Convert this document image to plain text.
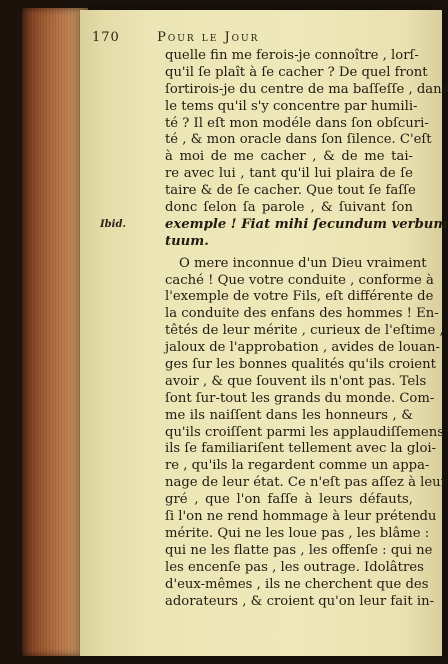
170	Pour le Jour
Ibid.
quelle fin me ferois-je connoître , lorſ-
qu'il ſe plaît à ſe cacher ? De quel front
ſortirois-je du centre de ma baſſeſſe , dans
le tems qu'il s'y concentre par humili-
té ? Il eſt mon modéle dans ſon obſcuri-
té , & mon oracle dans ſon ſilence. C'eſt
à moi de me cacher , & de me tai-
re avec lui , tant qu'il lui plaira de ſe
taire & de ſe cacher. Que tout ſe faſſe
donc ſelon ſa parole , & ſuivant ſon
exemple ! Fiat mihi ſecundum verbum
tuum.
O mere inconnue d'un Dieu vraiment
caché ! Que votre conduite , conforme à
l'exemple de votre Fils, eſt différente de
la conduite des enfans des hommes ! En-
têtés de leur mérite , curieux de l'eſtime ,
jaloux de l'approbation , avides de louan-
ges ſur les bonnes qualités qu'ils croient
avoir , & que ſouvent ils n'ont pas. Tels
ſont ſur-tout les grands du monde. Com-
me ils naiſſent dans les honneurs , &
qu'ils croiſſent parmi les applaudiſſemens:
ils ſe familiariſent tellement avec la gloi-
re , qu'ils la regardent comme un appa-
nage de leur état. Ce n'eſt pas aſſez à leur
gré , que l'on faſſe à leurs défauts,
ſi l'on ne rend hommage à leur prétendu
mérite. Qui ne les loue pas , les blâme :
qui ne les flatte pas , les offenſe : qui ne
les encenſe pas , les outrage. Idolâtres
d'eux-mêmes , ils ne cherchent que des
adorateurs , & croient qu'on leur fait in-
